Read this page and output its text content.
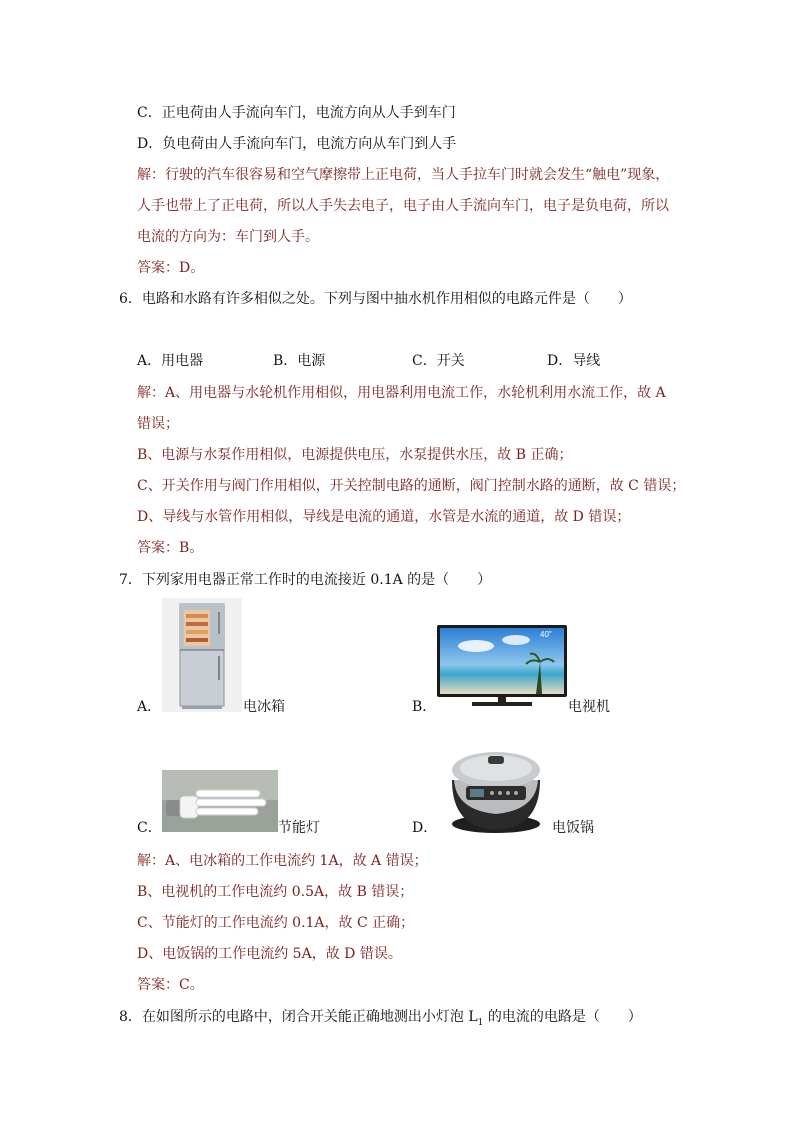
C．正电荷由人手流向车门，电流方向从人手到车门
D．负电荷由人手流向车门，电流方向从车门到人手
解：行驶的汽车很容易和空气摩擦带上正电荷，当人手拉车门时就会发生“触电”现象，
人手也带上了正电荷，所以人手失去电子，电子由人手流向车门，电子是负电荷，所以
电流的方向为：车门到人手。
答案：D。
6．电路和水路有许多相似之处。下列与图中抽水机作用相似的电路元件是（　　）
A．用电器	B．电源	C．开关	D．导线
解：A、用电器与水轮机作用相似，用电器利用电流工作，水轮机利用水流工作，故 A
错误；
B、电源与水泵作用相似，电源提供电压，水泵提供水压，故 B 正确；
C、开关作用与阀门作用相似，开关控制电路的通断，阀门控制水路的通断，故 C 错误；
D、导线与水管作用相似，导线是电流的通道，水管是水流的通道，故 D 错误；
答案：B。
7．下列家用电器正常工作时的电流接近 0.1A 的是（　　）
A．	电冰箱	B．
40"
电视机
C．	节能灯	D．	电饭锅
解：A、电冰箱的工作电流约 1A，故 A 错误；
B、电视机的工作电流约 0.5A，故 B 错误；
C、节能灯的工作电流约 0.1A，故 C 正确；
D、电饭锅的工作电流约 5A，故 D 错误。
答案：C。
8．在如图所示的电路中，闭合开关能正确地测出小灯泡 $L_1$ 的电流的电路是（　　）
